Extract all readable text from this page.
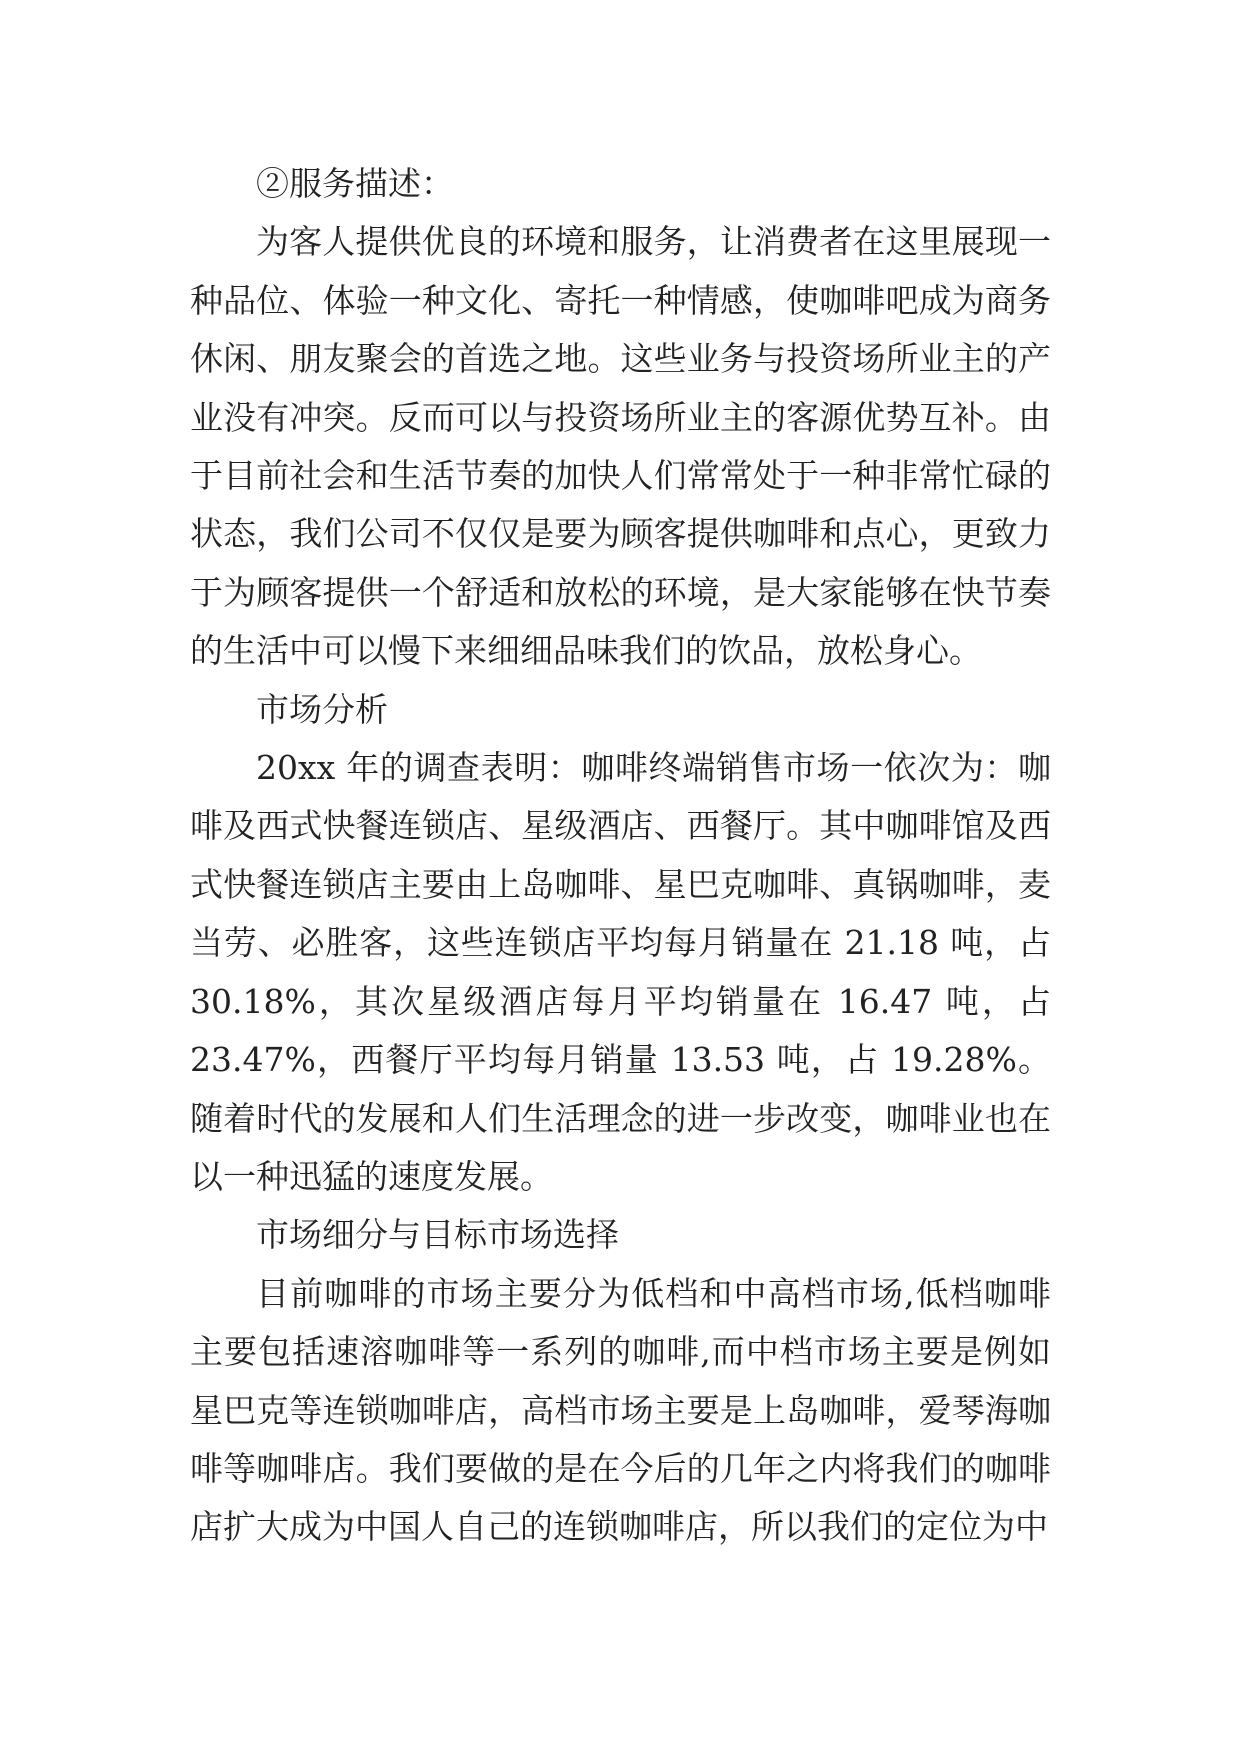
②服务描述：

为客人提供优良的环境和服务，让消费者在这里展现一种品位、体验一种文化、寄托一种情感，使咖啡吧成为商务休闲、朋友聚会的首选之地。这些业务与投资场所业主的产业没有冲突。反而可以与投资场所业主的客源优势互补。由于目前社会和生活节奏的加快人们常常处于一种非常忙碌的状态，我们公司不仅仅是要为顾客提供咖啡和点心，更致力于为顾客提供一个舒适和放松的环境，是大家能够在快节奏的生活中可以慢下来细细品味我们的饮品，放松身心。

市场分析

20xx 年的调查表明：咖啡终端销售市场一依次为：咖啡及西式快餐连锁店、星级酒店、西餐厅。其中咖啡馆及西式快餐连锁店主要由上岛咖啡、星巴克咖啡、真锅咖啡，麦当劳、必胜客，这些连锁店平均每月销量在 21.18 吨，占 30.18%，其次星级酒店每月平均销量在 16.47 吨，占 23.47%，西餐厅平均每月销量 13.53 吨，占 19.28%。随着时代的发展和人们生活理念的进一步改变，咖啡业也在以一种迅猛的速度发展。

市场细分与目标市场选择

目前咖啡的市场主要分为低档和中高档市场,低档咖啡主要包括速溶咖啡等一系列的咖啡,而中档市场主要是例如星巴克等连锁咖啡店，高档市场主要是上岛咖啡，爱琴海咖啡等咖啡店。我们要做的是在今后的几年之内将我们的咖啡店扩大成为中国人自己的连锁咖啡店，所以我们的定位为中
